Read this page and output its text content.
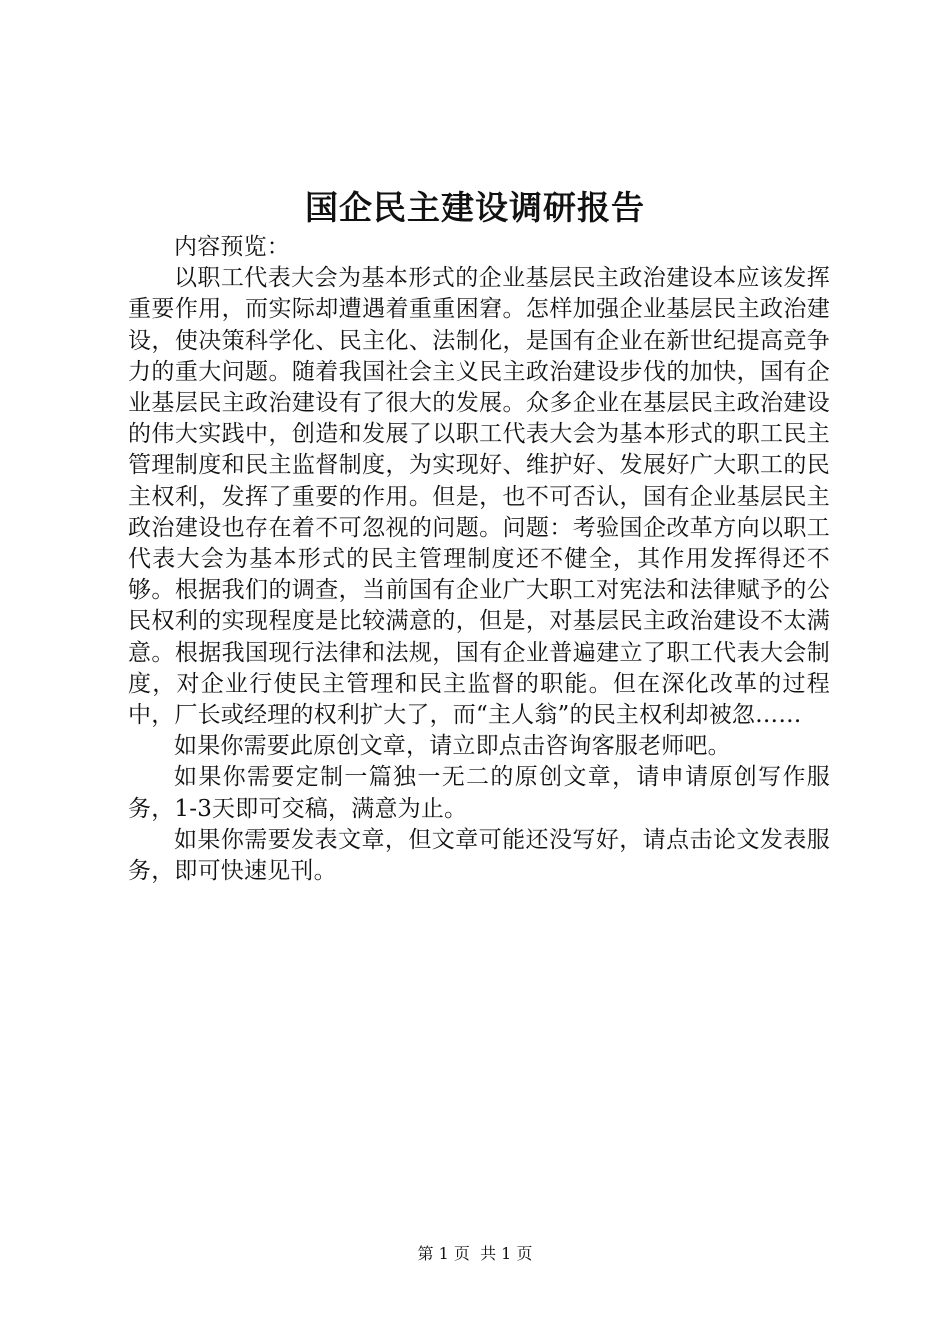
国企民主建设调研报告

内容预览：

以职工代表大会为基本形式的企业基层民主政治建设本应该发挥重要作用，而实际却遭遇着重重困窘。怎样加强企业基层民主政治建设，使决策科学化、民主化、法制化，是国有企业在新世纪提高竞争力的重大问题。随着我国社会主义民主政治建设步伐的加快，国有企业基层民主政治建设有了很大的发展。众多企业在基层民主政治建设的伟大实践中，创造和发展了以职工代表大会为基本形式的职工民主管理制度和民主监督制度，为实现好、维护好、发展好广大职工的民主权利，发挥了重要的作用。但是，也不可否认，国有企业基层民主政治建设也存在着不可忽视的问题。问题：考验国企改革方向以职工代表大会为基本形式的民主管理制度还不健全，其作用发挥得还不够。根据我们的调查，当前国有企业广大职工对宪法和法律赋予的公民权利的实现程度是比较满意的，但是，对基层民主政治建设不太满意。根据我国现行法律和法规，国有企业普遍建立了职工代表大会制度，对企业行使民主管理和民主监督的职能。但在深化改革的过程中，厂长或经理的权利扩大了，而“主人翁”的民主权利却被忽……

如果你需要此原创文章，请立即点击咨询客服老师吧。

如果你需要定制一篇独一无二的原创文章，请申请原创写作服务，1-3天即可交稿，满意为止。

如果你需要发表文章，但文章可能还没写好，请点击论文发表服务，即可快速见刊。

第 1 页  共 1 页
